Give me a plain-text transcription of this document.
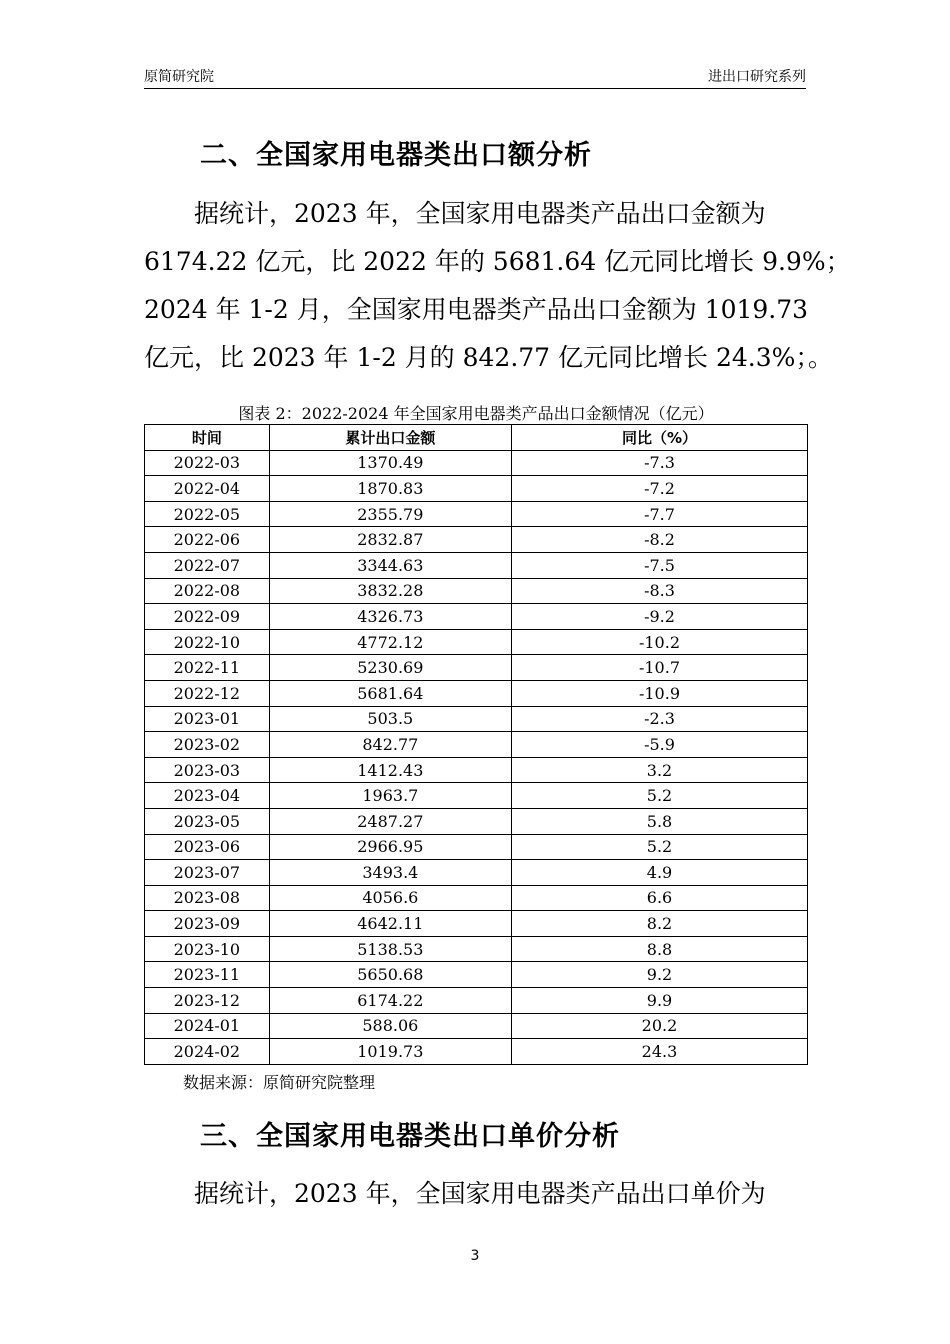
原简研究院	进出口研究系列
二、全国家用电器类出口额分析
　　据统计，2023 年，全国家用电器类产品出口金额为
6174.22 亿元，比 2022 年的 5681.64 亿元同比增长 9.9%；
2024 年 1-2 月，全国家用电器类产品出口金额为 1019.73
亿元，比 2023 年 1-2 月的 842.77 亿元同比增长 24.3%；。
图表 2：2022-2024 年全国家用电器类产品出口金额情况（亿元）
时间	累计出口金额	同比（%）
2022-03	1370.49	-7.3
2022-04	1870.83	-7.2
2022-05	2355.79	-7.7
2022-06	2832.87	-8.2
2022-07	3344.63	-7.5
2022-08	3832.28	-8.3
2022-09	4326.73	-9.2
2022-10	4772.12	-10.2
2022-11	5230.69	-10.7
2022-12	5681.64	-10.9
2023-01	503.5	-2.3
2023-02	842.77	-5.9
2023-03	1412.43	3.2
2023-04	1963.7	5.2
2023-05	2487.27	5.8
2023-06	2966.95	5.2
2023-07	3493.4	4.9
2023-08	4056.6	6.6
2023-09	4642.11	8.2
2023-10	5138.53	8.8
2023-11	5650.68	9.2
2023-12	6174.22	9.9
2024-01	588.06	20.2
2024-02	1019.73	24.3
数据来源：原简研究院整理
三、全国家用电器类出口单价分析
　　据统计，2023 年，全国家用电器类产品出口单价为
3
